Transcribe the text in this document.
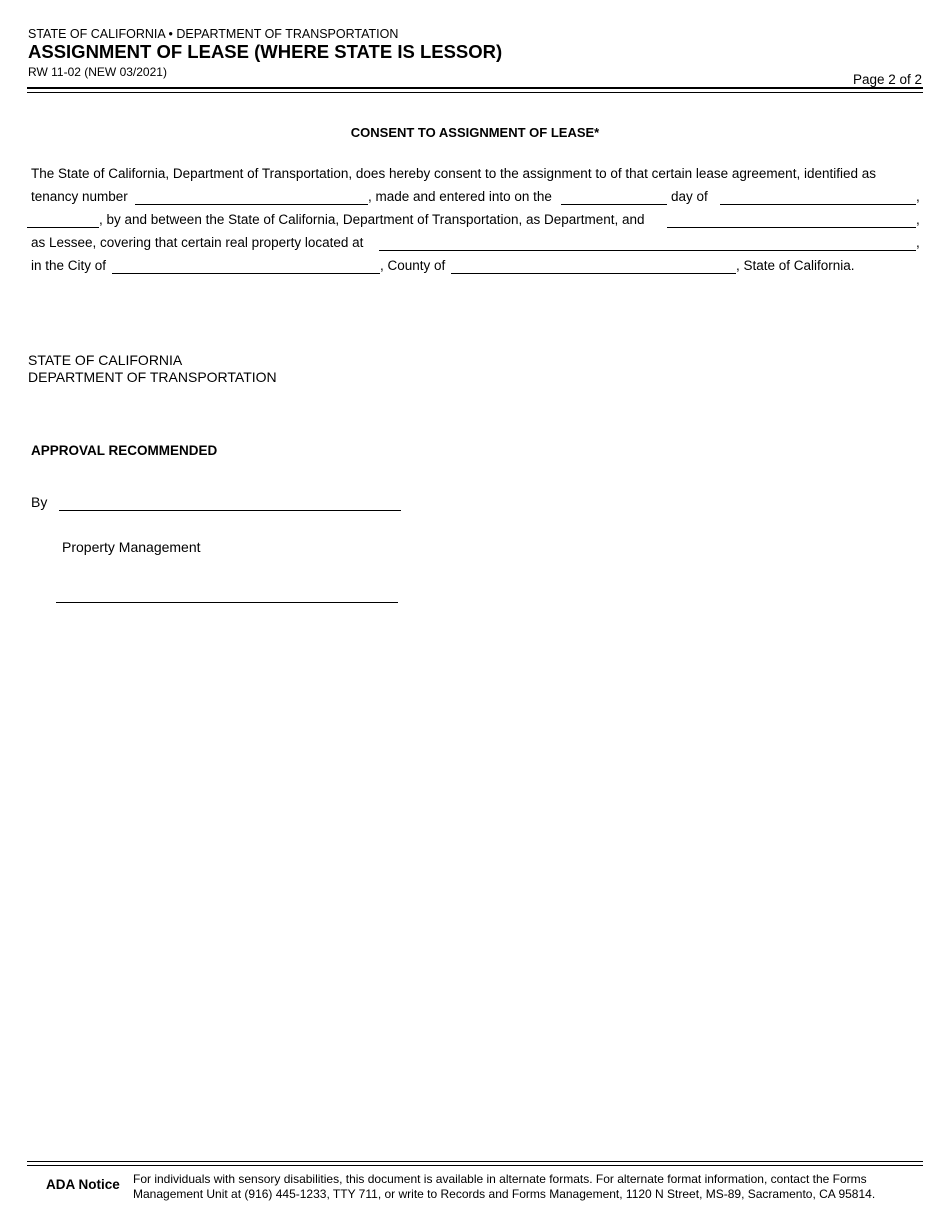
STATE OF CALIFORNIA • DEPARTMENT OF TRANSPORTATION
ASSIGNMENT OF LEASE (WHERE STATE IS LESSOR)
RW 11-02 (NEW 03/2021)	Page 2 of 2
CONSENT TO ASSIGNMENT OF LEASE*
The State of California, Department of Transportation, does hereby consent to the assignment to of that certain lease agreement, identified as
tenancy number	, made and entered into on the	day of	,
, by and between the State of California, Department of Transportation, as Department, and	,
as Lessee, covering that certain real property located at	,
in the City of	, County of	, State of California.
STATE OF CALIFORNIA
DEPARTMENT OF TRANSPORTATION
APPROVAL RECOMMENDED
By
Property Management
ADA Notice For individuals with sensory disabilities, this document is available in alternate formats. For alternate format information, contact the Forms Management Unit at (916) 445-1233, TTY 711, or write to Records and Forms Management, 1120 N Street, MS-89, Sacramento, CA 95814.
